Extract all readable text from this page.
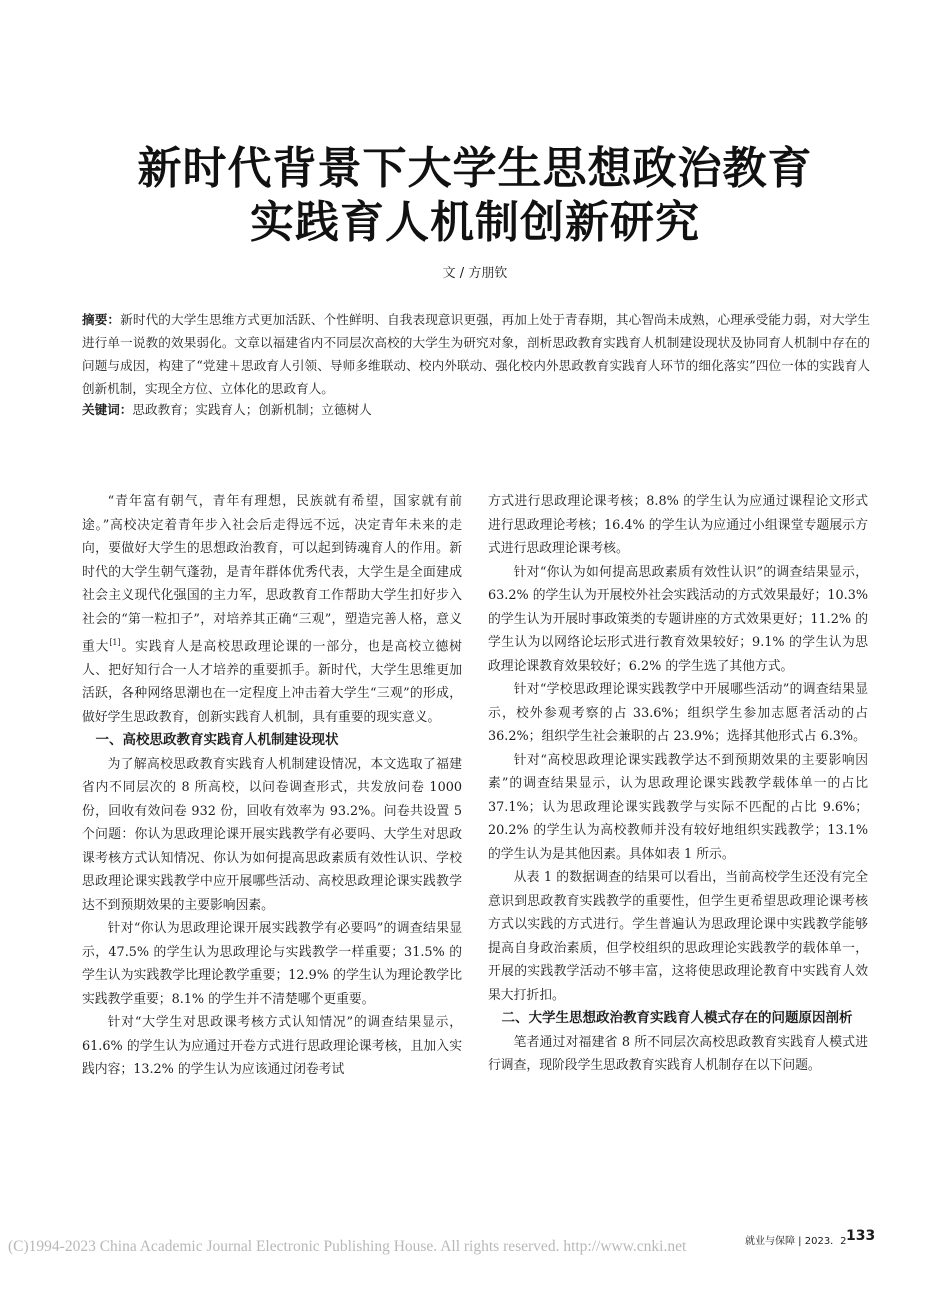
新时代背景下大学生思想政治教育
实践育人机制创新研究
文 / 方朋钦
摘要：新时代的大学生思维方式更加活跃、个性鲜明、自我表现意识更强，再加上处于青春期，其心智尚未成熟，心理承受能力弱，对大学生进行单一说教的效果弱化。文章以福建省内不同层次高校的大学生为研究对象，剖析思政教育实践育人机制建设现状及协同育人机制中存在的问题与成因，构建了“党建＋思政育人引领、导师多维联动、校内外联动、强化校内外思政教育实践育人环节的细化落实”四位一体的实践育人创新机制，实现全方位、立体化的思政育人。
关键词：思政教育；实践育人；创新机制；立德树人

“青年富有朝气，青年有理想，民族就有希望，国家就有前途。”高校决定着青年步入社会后走得远不远，决定青年未来的走向，要做好大学生的思想政治教育，可以起到铸魂育人的作用。新时代的大学生朝气蓬勃，是青年群体优秀代表，大学生是全面建成社会主义现代化强国的主力军，思政教育工作帮助大学生扣好步入社会的“第一粒扣子”，对培养其正确“三观”，塑造完善人格，意义重大[1]。实践育人是高校思政理论课的一部分，也是高校立德树人、把好知行合一人才培养的重要抓手。新时代，大学生思维更加活跃，各种网络思潮也在一定程度上冲击着大学生“三观”的形成，做好学生思政教育，创新实践育人机制，具有重要的现实意义。

一、高校思政教育实践育人机制建设现状

为了解高校思政教育实践育人机制建设情况，本文选取了福建省内不同层次的 8 所高校，以问卷调查形式，共发放问卷 1000 份，回收有效问卷 932 份，回收有效率为 93.2%。问卷共设置 5 个问题：你认为思政理论课开展实践教学有必要吗、大学生对思政课考核方式认知情况、你认为如何提高思政素质有效性认识、学校思政理论课实践教学中应开展哪些活动、高校思政理论课实践教学达不到预期效果的主要影响因素。

针对“你认为思政理论课开展实践教学有必要吗”的调查结果显示，47.5% 的学生认为思政理论与实践教学一样重要；31.5% 的学生认为实践教学比理论教学重要；12.9% 的学生认为理论教学比实践教学重要；8.1% 的学生并不清楚哪个更重要。

针对“大学生对思政课考核方式认知情况”的调查结果显示，61.6% 的学生认为应通过开卷方式进行思政理论课考核，且加入实践内容；13.2% 的学生认为应该通过闭卷考试

方式进行思政理论课考核；8.8% 的学生认为应通过课程论文形式进行思政理论考核；16.4% 的学生认为应通过小组课堂专题展示方式进行思政理论课考核。

针对“你认为如何提高思政素质有效性认识”的调查结果显示，63.2% 的学生认为开展校外社会实践活动的方式效果最好；10.3% 的学生认为开展时事政策类的专题讲座的方式效果更好；11.2% 的学生认为以网络论坛形式进行教育效果较好；9.1% 的学生认为思政理论课教育效果较好；6.2% 的学生选了其他方式。

针对“学校思政理论课实践教学中开展哪些活动”的调查结果显示，校外参观考察的占 33.6%；组织学生参加志愿者活动的占 36.2%；组织学生社会兼职的占 23.9%；选择其他形式占 6.3%。

针对“高校思政理论课实践教学达不到预期效果的主要影响因素”的调查结果显示，认为思政理论课实践教学载体单一的占比 37.1%；认为思政理论课实践教学与实际不匹配的占比 9.6%；20.2% 的学生认为高校教师并没有较好地组织实践教学；13.1% 的学生认为是其他因素。具体如表 1 所示。

从表 1 的数据调查的结果可以看出，当前高校学生还没有完全意识到思政教育实践教学的重要性，但学生更希望思政理论课考核方式以实践的方式进行。学生普遍认为思政理论课中实践教学能够提高自身政治素质，但学校组织的思政理论实践教学的载体单一，开展的实践教学活动不够丰富，这将使思政理论教育中实践育人效果大打折扣。

二、大学生思想政治教育实践育人模式存在的问题原因剖析

笔者通过对福建省 8 所不同层次高校思政教育实践育人模式进行调查，现阶段学生思政教育实践育人机制存在以下问题。

(C)1994-2023 China Academic Journal Electronic Publishing House. All rights reserved. http://www.cnki.net	就业与保障 | 2023．2 133
